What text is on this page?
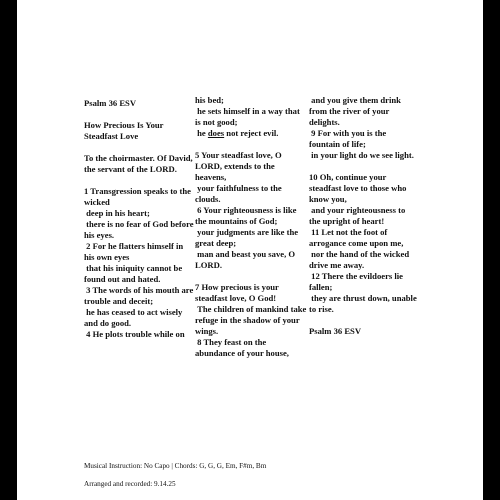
Psalm 36 ESV
How Precious Is Your Steadfast Love
To the choirmaster. Of David, the servant of the LORD.
1 Transgression speaks to the wicked
deep in his heart;
there is no fear of God before his eyes.
2 For he flatters himself in his own eyes
that his iniquity cannot be found out and hated.
3 The words of his mouth are trouble and deceit;
he has ceased to act wisely and do good.
4 He plots trouble while on
his bed;
he sets himself in a way that is not good;
he does not reject evil.
5 Your steadfast love, O LORD, extends to the heavens,
your faithfulness to the clouds.
6 Your righteousness is like the mountains of God;
your judgments are like the great deep;
man and beast you save, O LORD.
7 How precious is your steadfast love, O God!
The children of mankind take refuge in the shadow of your wings.
8 They feast on the abundance of your house,
and you give them drink from the river of your delights.
9 For with you is the fountain of life;
in your light do we see light.
10 Oh, continue your steadfast love to those who know you,
and your righteousness to the upright of heart!
11 Let not the foot of arrogance come upon me,
nor the hand of the wicked drive me away.
12 There the evildoers lie fallen;
they are thrust down, unable to rise.
Psalm 36 ESV
Musical Instruction: No Capo | Chords: G, G, G, Em, F#m, Bm
Arranged and recorded: 9.14.25
